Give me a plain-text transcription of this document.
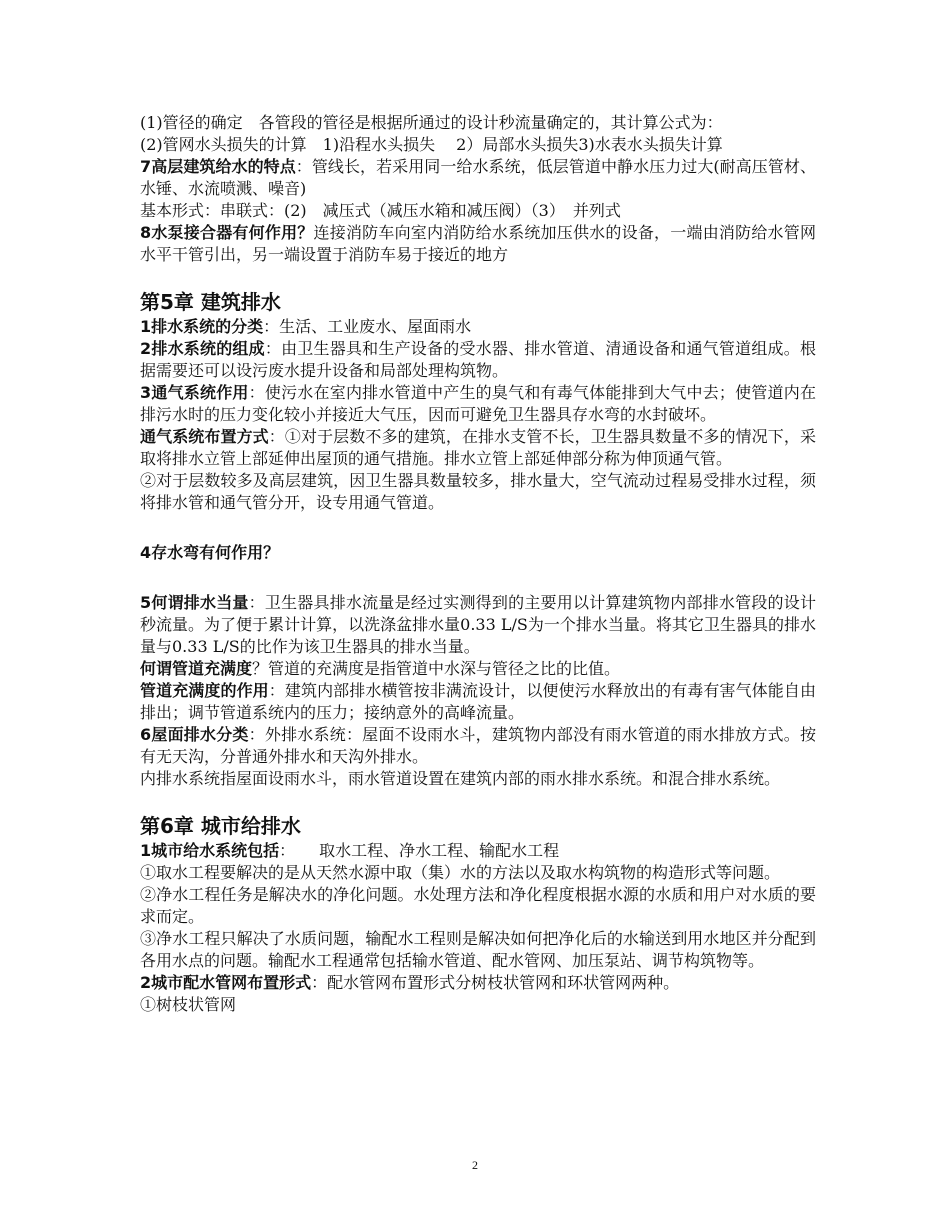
(1)管径的确定　各管段的管径是根据所通过的设计秒流量确定的，其计算公式为：

(2)管网水头损失的计算　1)沿程水头损失　 2）局部水头损失3)水表水头损失计算

7高层建筑给水的特点：管线长，若采用同一给水系统，低层管道中静水压力过大(耐高压管材、水锤、水流喷溅、噪音)

基本形式：串联式：(2)　减压式（减压水箱和减压阀）（3）　并列式

8水泵接合器有何作用？连接消防车向室内消防给水系统加压供水的设备，一端由消防给水管网水平干管引出，另一端设置于消防车易于接近的地方

第5章 建筑排水

1排水系统的分类：生活、工业废水、屋面雨水

2排水系统的组成：由卫生器具和生产设备的受水器、排水管道、清通设备和通气管道组成。根据需要还可以设污废水提升设备和局部处理构筑物。

3通气系统作用：使污水在室内排水管道中产生的臭气和有毒气体能排到大气中去；使管道内在排污水时的压力变化较小并接近大气压，因而可避免卫生器具存水弯的水封破坏。

通气系统布置方式：①对于层数不多的建筑，在排水支管不长，卫生器具数量不多的情况下，采取将排水立管上部延伸出屋顶的通气措施。排水立管上部延伸部分称为伸顶通气管。

②对于层数较多及高层建筑，因卫生器具数量较多，排水量大，空气流动过程易受排水过程，须将排水管和通气管分开，设专用通气管道。

4存水弯有何作用？

5何谓排水当量：卫生器具排水流量是经过实测得到的主要用以计算建筑物内部排水管段的设计秒流量。为了便于累计计算，以洗涤盆排水量0.33 L/S为一个排水当量。将其它卫生器具的排水量与0.33 L/S的比作为该卫生器具的排水当量。

何谓管道充满度？管道的充满度是指管道中水深与管径之比的比值。

管道充满度的作用：建筑内部排水横管按非满流设计，以便使污水释放出的有毒有害气体能自由排出；调节管道系统内的压力；接纳意外的高峰流量。

6屋面排水分类：外排水系统：屋面不设雨水斗，建筑物内部没有雨水管道的雨水排放方式。按有无天沟，分普通外排水和天沟外排水。

内排水系统指屋面设雨水斗，雨水管道设置在建筑内部的雨水排水系统。和混合排水系统。

第6章 城市给排水

1城市给水系统包括：　　取水工程、净水工程、输配水工程

①取水工程要解决的是从天然水源中取（集）水的方法以及取水构筑物的构造形式等问题。

②净水工程任务是解决水的净化问题。水处理方法和净化程度根据水源的水质和用户对水质的要求而定。

③净水工程只解决了水质问题，输配水工程则是解决如何把净化后的水输送到用水地区并分配到各用水点的问题。输配水工程通常包括输水管道、配水管网、加压泵站、调节构筑物等。

2城市配水管网布置形式：配水管网布置形式分树枝状管网和环状管网两种。

①树枝状管网

2
